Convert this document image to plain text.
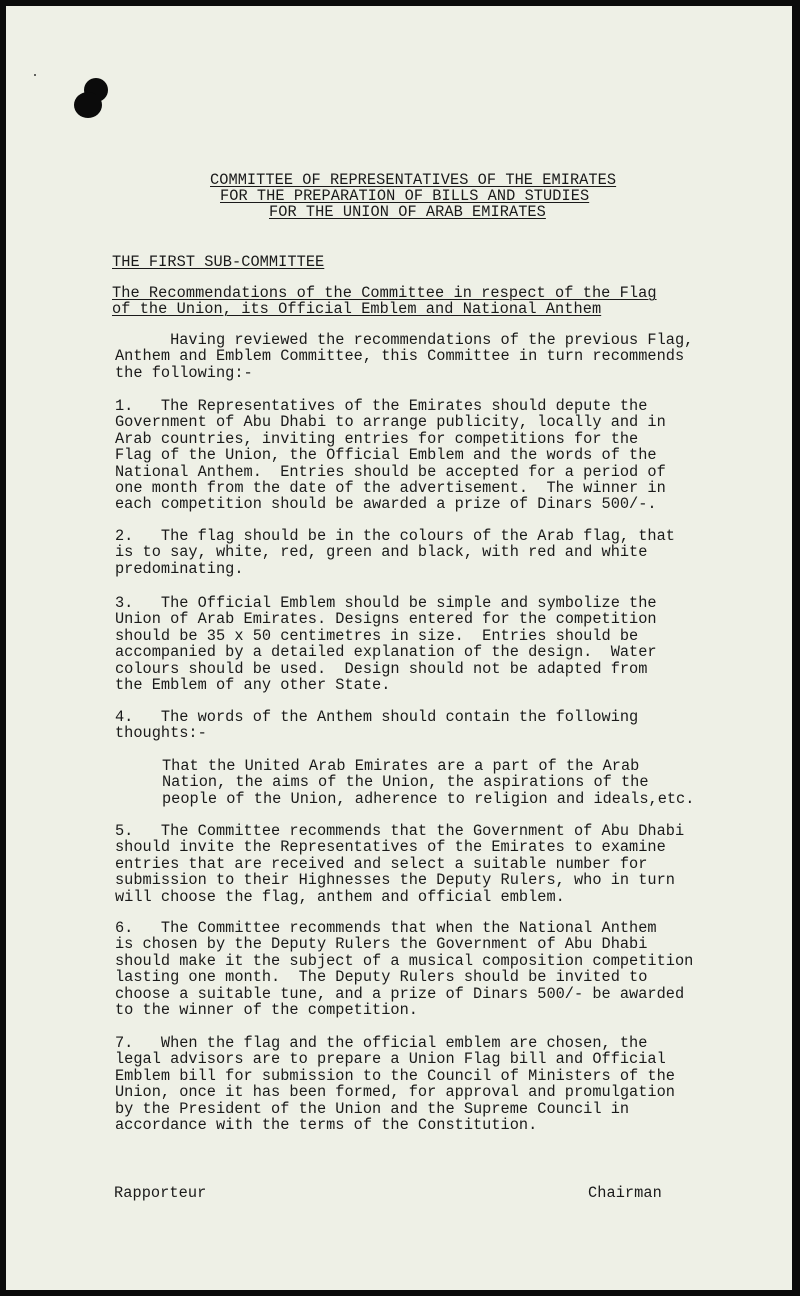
COMMITTEE OF REPRESENTATIVES OF THE EMIRATES
FOR THE PREPARATION OF BILLS AND STUDIES
FOR THE UNION OF ARAB EMIRATES
THE FIRST SUB-COMMITTEE
The Recommendations of the Committee in respect of the Flag
of the Union, its Official Emblem and National Anthem
Having reviewed the recommendations of the previous Flag,
Anthem and Emblem Committee, this Committee in turn recommends
the following:-
1.   The Representatives of the Emirates should depute the
Government of Abu Dhabi to arrange publicity, locally and in
Arab countries, inviting entries for competitions for the
Flag of the Union, the Official Emblem and the words of the
National Anthem.  Entries should be accepted for a period of
one month from the date of the advertisement.  The winner in
each competition should be awarded a prize of Dinars 500/-.
2.   The flag should be in the colours of the Arab flag, that
is to say, white, red, green and black, with red and white
predominating.
3.   The Official Emblem should be simple and symbolize the
Union of Arab Emirates. Designs entered for the competition
should be 35 x 50 centimetres in size.  Entries should be
accompanied by a detailed explanation of the design.  Water
colours should be used.  Design should not be adapted from
the Emblem of any other State.
4.   The words of the Anthem should contain the following
thoughts:-
That the United Arab Emirates are a part of the Arab
Nation, the aims of the Union, the aspirations of the
people of the Union, adherence to religion and ideals,etc.
5.   The Committee recommends that the Government of Abu Dhabi
should invite the Representatives of the Emirates to examine
entries that are received and select a suitable number for
submission to their Highnesses the Deputy Rulers, who in turn
will choose the flag, anthem and official emblem.
6.   The Committee recommends that when the National Anthem
is chosen by the Deputy Rulers the Government of Abu Dhabi
should make it the subject of a musical composition competition
lasting one month.  The Deputy Rulers should be invited to
choose a suitable tune, and a prize of Dinars 500/- be awarded
to the winner of the competition.
7.   When the flag and the official emblem are chosen, the
legal advisors are to prepare a Union Flag bill and Official
Emblem bill for submission to the Council of Ministers of the
Union, once it has been formed, for approval and promulgation
by the President of the Union and the Supreme Council in
accordance with the terms of the Constitution.
Rapporteur	Chairman
